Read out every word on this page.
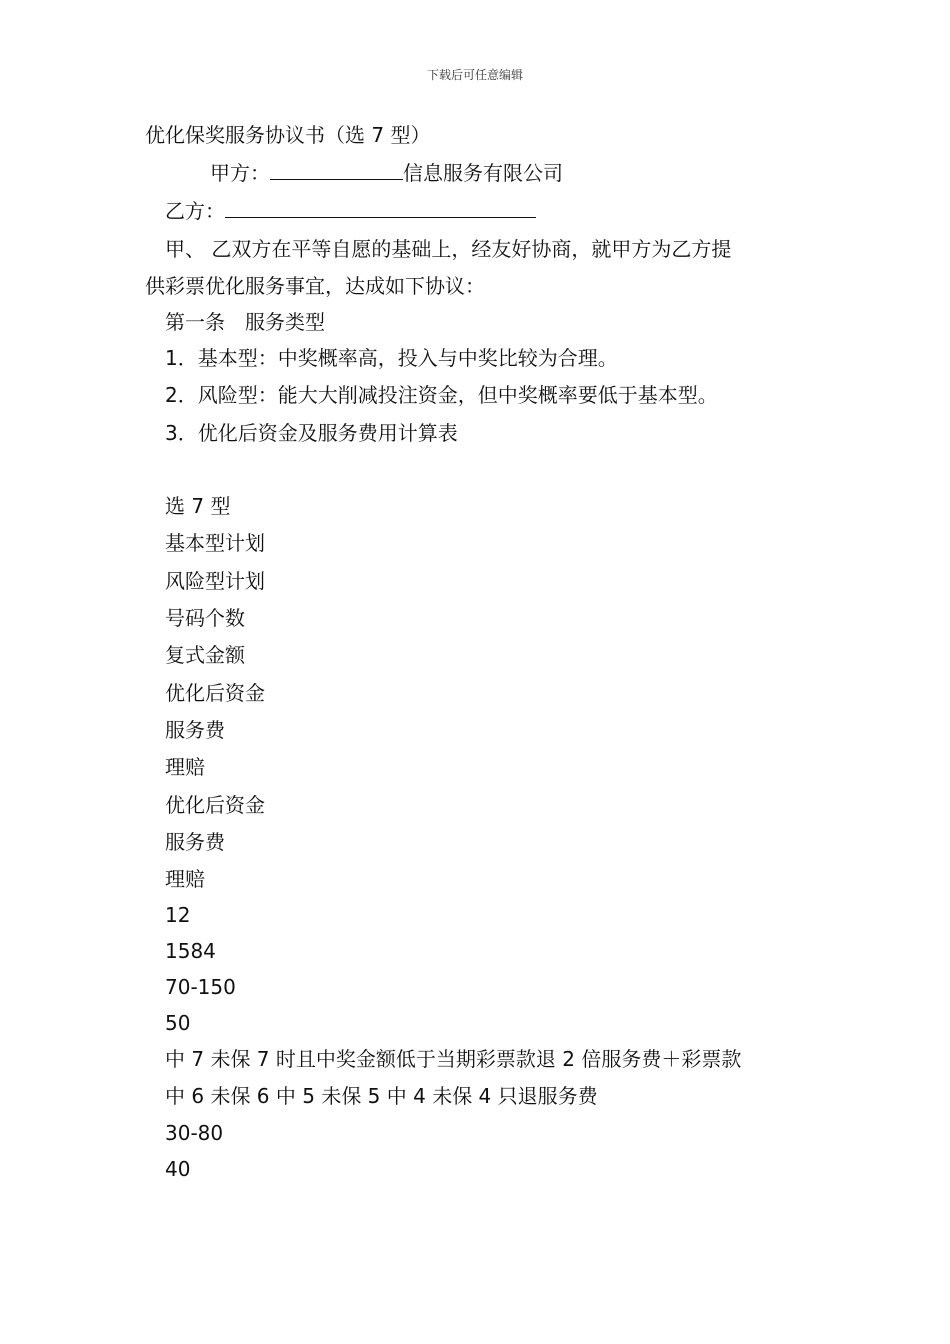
下载后可任意编辑
优化保奖服务协议书（选 7 型）
甲方：	信息服务有限公司
乙方：
甲、 乙双方在平等自愿的基础上，经友好协商，就甲方为乙方提
供彩票优化服务事宜，达成如下协议：
第一条　服务类型
1．基本型：中奖概率高，投入与中奖比较为合理。
2．风险型：能大大削减投注资金，但中奖概率要低于基本型。
3．优化后资金及服务费用计算表
选 7 型
基本型计划
风险型计划
号码个数
复式金额
优化后资金
服务费
理赔
优化后资金
服务费
理赔
12
1584
70-150
50
中 7 未保 7 时且中奖金额低于当期彩票款退 2 倍服务费＋彩票款
中 6 未保 6 中 5 未保 5 中 4 未保 4 只退服务费
30-80
40
